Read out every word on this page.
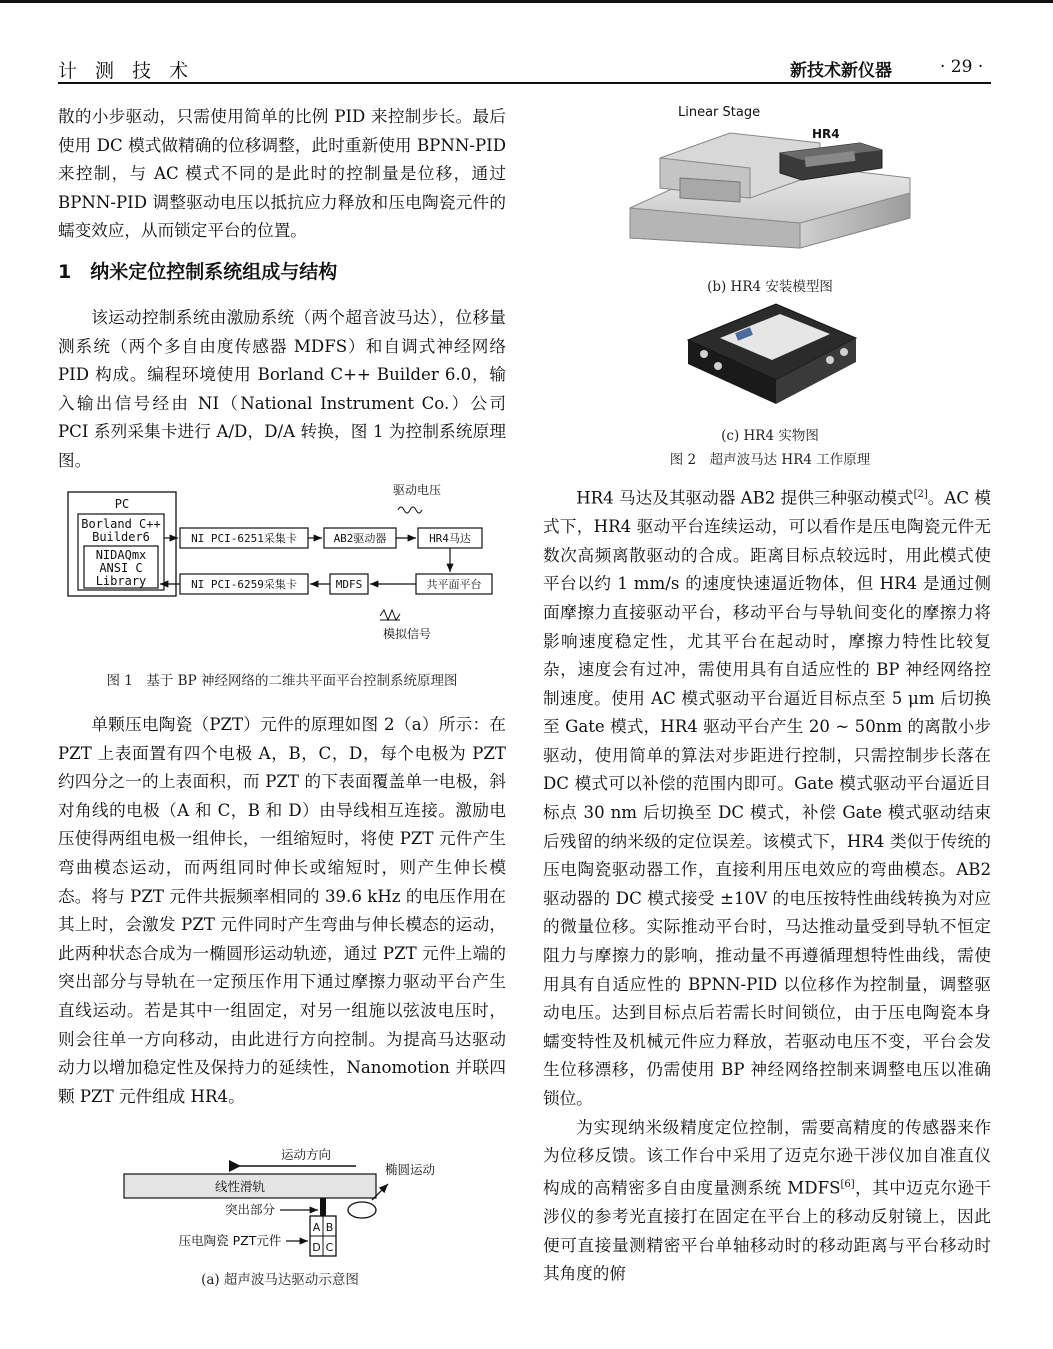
计 测 技 术	新技术新仪器	· 29 ·

散的小步驱动，只需使用简单的比例 PID 来控制步长。最后使用 DC 模式做精确的位移调整，此时重新使用 BPNN-PID 来控制，与 AC 模式不同的是此时的控制量是位移，通过 BPNN-PID 调整驱动电压以抵抗应力释放和压电陶瓷元件的蠕变效应，从而锁定平台的位置。

1　纳米定位控制系统组成与结构

该运动控制系统由激励系统（两个超音波马达），位移量测系统（两个多自由度传感器 MDFS）和自调式神经网络 PID 构成。编程环境使用 Borland C++ Builder 6.0，输入输出信号经由 NI（National Instrument Co.）公司 PCI 系列采集卡进行 A/D，D/A 转换，图 1 为控制系统原理图。

PC
Borland C++
Builder6
NIDAQmx
ANSI C
Library
NI PCI-6251采集卡	AB2驱动器	HR4马达
驱动电压
共平面平台
MDFS
NI PCI-6259采集卡
模拟信号
图 1　基于 BP 神经网络的二维共平面平台控制系统原理图

单颗压电陶瓷（PZT）元件的原理如图 2（a）所示：在 PZT 上表面置有四个电极 A，B，C，D，每个电极为 PZT 约四分之一的上表面积，而 PZT 的下表面覆盖单一电极，斜对角线的电极（A 和 C，B 和 D）由导线相互连接。激励电压使得两组电极一组伸长，一组缩短时，将使 PZT 元件产生弯曲模态运动，而两组同时伸长或缩短时，则产生伸长模态。将与 PZT 元件共振频率相同的 39.6 kHz 的电压作用在其上时，会激发 PZT 元件同时产生弯曲与伸长模态的运动，此两种状态合成为一椭圆形运动轨迹，通过 PZT 元件上端的突出部分与导轨在一定预压作用下通过摩擦力驱动平台产生直线运动。若是其中一组固定，对另一组施以弦波电压时，则会往单一方向移动，由此进行方向控制。为提高马达驱动动力以增加稳定性及保持力的延续性，Nanomotion 并联四颗 PZT 元件组成 HR4。

运动方向
线性滑轨
椭圆运动
突出部分
A B
D C
压电陶瓷 PZT元件
(a) 超声波马达驱动示意图
Linear Stage
HR4
(b) HR4 安装模型图
(c) HR4 实物图
图 2　超声波马达 HR4 工作原理

HR4 马达及其驱动器 AB2 提供三种驱动模式[2]。AC 模式下，HR4 驱动平台连续运动，可以看作是压电陶瓷元件无数次高频离散驱动的合成。距离目标点较远时，用此模式使平台以约 1 mm/s 的速度快速逼近物体，但 HR4 是通过侧面摩擦力直接驱动平台，移动平台与导轨间变化的摩擦力将影响速度稳定性，尤其平台在起动时，摩擦力特性比较复杂，速度会有过冲，需使用具有自适应性的 BP 神经网络控制速度。使用 AC 模式驱动平台逼近目标点至 5 μm 后切换至 Gate 模式，HR4 驱动平台产生 20 ~ 50nm 的离散小步驱动，使用简单的算法对步距进行控制，只需控制步长落在 DC 模式可以补偿的范围内即可。Gate 模式驱动平台逼近目标点 30 nm 后切换至 DC 模式，补偿 Gate 模式驱动结束后残留的纳米级的定位误差。该模式下，HR4 类似于传统的压电陶瓷驱动器工作，直接利用压电效应的弯曲模态。AB2 驱动器的 DC 模式接受 ±10V 的电压按特性曲线转换为对应的微量位移。实际推动平台时，马达推动量受到导轨不恒定阻力与摩擦力的影响，推动量不再遵循理想特性曲线，需使用具有自适应性的 BPNN-PID 以位移作为控制量，调整驱动电压。达到目标点后若需长时间锁位，由于压电陶瓷本身蠕变特性及机械元件应力释放，若驱动电压不变，平台会发生位移漂移，仍需使用 BP 神经网络控制来调整电压以准确锁位。

为实现纳米级精度定位控制，需要高精度的传感器来作为位移反馈。该工作台中采用了迈克尔逊干涉仪加自准直仪构成的高精密多自由度量测系统 MDFS[6]，其中迈克尔逊干涉仪的参考光直接打在固定在平台上的移动反射镜上，因此便可直接量测精密平台单轴移动时的移动距离与平台移动时其角度的俯
